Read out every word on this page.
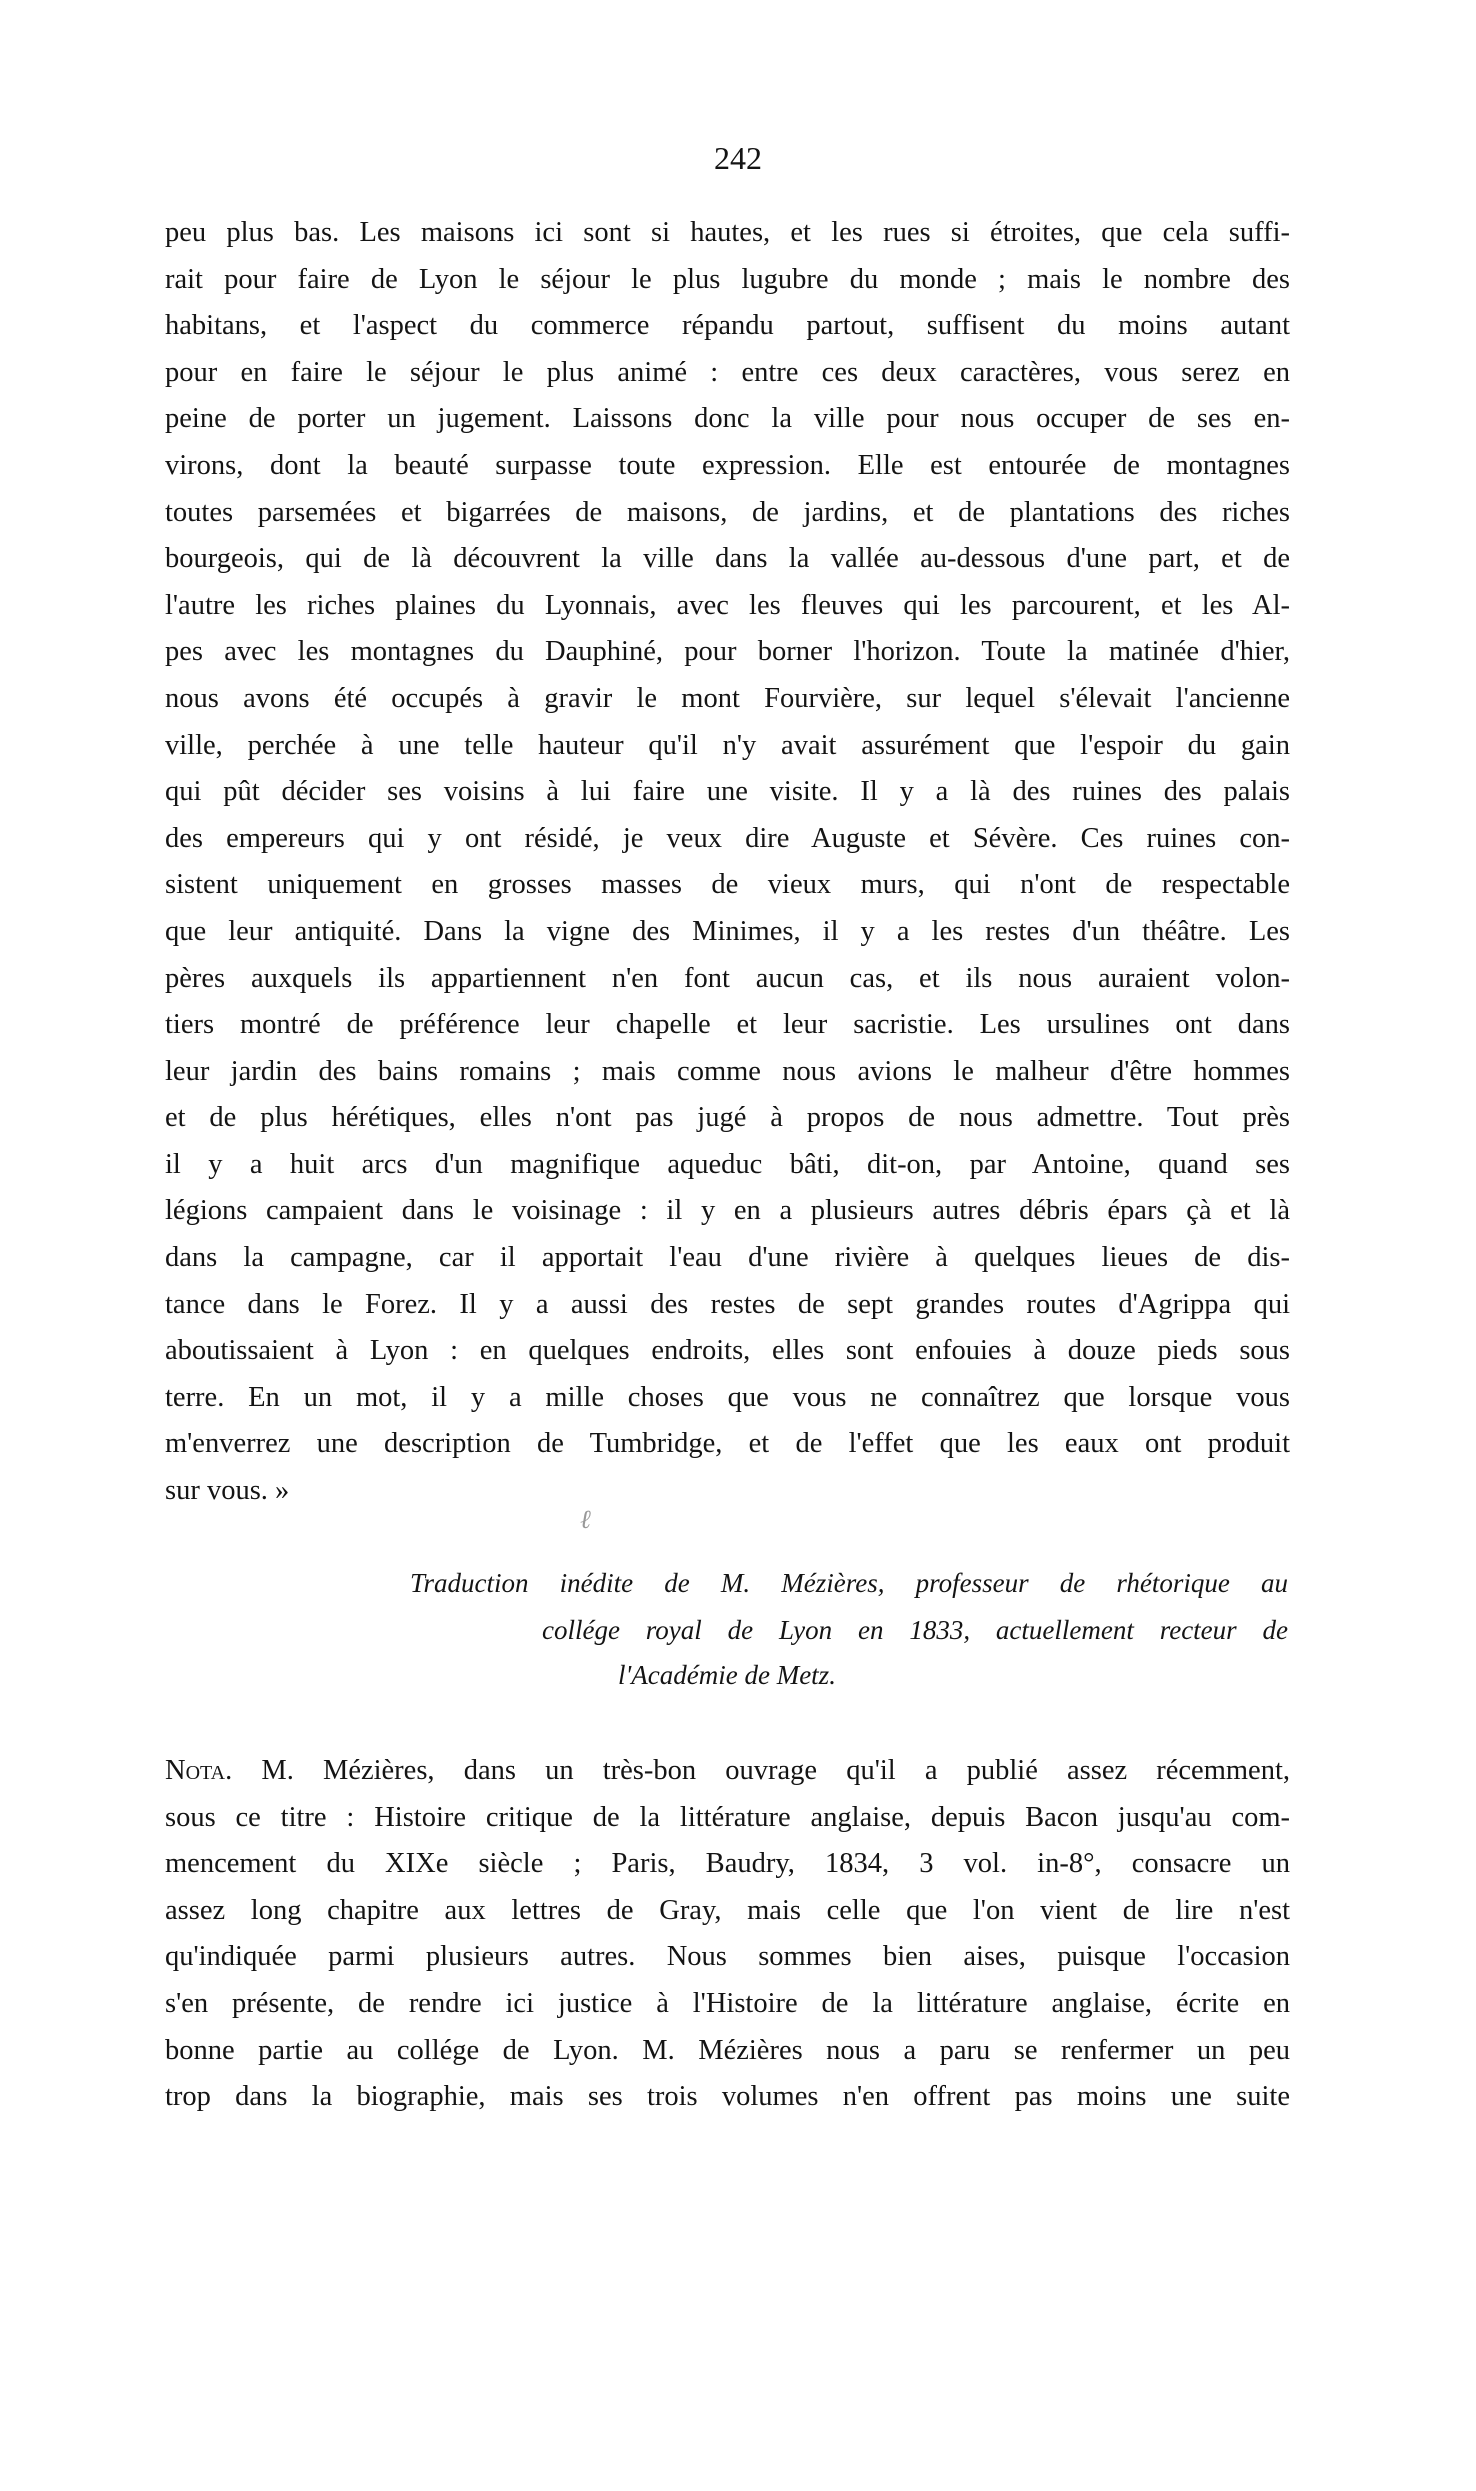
242
peu plus bas. Les maisons ici sont si hautes, et les rues si étroites, que cela suffi-
rait pour faire de Lyon le séjour le plus lugubre du monde ; mais le nombre des
habitans, et l'aspect du commerce répandu partout, suffisent du moins autant
pour en faire le séjour le plus animé : entre ces deux caractères, vous serez en
peine de porter un jugement. Laissons donc la ville pour nous occuper de ses en-
virons, dont la beauté surpasse toute expression. Elle est entourée de montagnes
toutes parsemées et bigarrées de maisons, de jardins, et de plantations des riches
bourgeois, qui de là découvrent la ville dans la vallée au-dessous d'une part, et de
l'autre les riches plaines du Lyonnais, avec les fleuves qui les parcourent, et les Al-
pes avec les montagnes du Dauphiné, pour borner l'horizon. Toute la matinée d'hier,
nous avons été occupés à gravir le mont Fourvière, sur lequel s'élevait l'ancienne
ville, perchée à une telle hauteur qu'il n'y avait assurément que l'espoir du gain
qui pût décider ses voisins à lui faire une visite. Il y a là des ruines des palais
des empereurs qui y ont résidé, je veux dire Auguste et Sévère. Ces ruines con-
sistent uniquement en grosses masses de vieux murs, qui n'ont de respectable
que leur antiquité. Dans la vigne des Minimes, il y a les restes d'un théâtre. Les
pères auxquels ils appartiennent n'en font aucun cas, et ils nous auraient volon-
tiers montré de préférence leur chapelle et leur sacristie. Les ursulines ont dans
leur jardin des bains romains ; mais comme nous avions le malheur d'être hommes
et de plus hérétiques, elles n'ont pas jugé à propos de nous admettre. Tout près
il y a huit arcs d'un magnifique aqueduc bâti, dit-on, par Antoine, quand ses
légions campaient dans le voisinage : il y en a plusieurs autres débris épars çà et là
dans la campagne, car il apportait l'eau d'une rivière à quelques lieues de dis-
tance dans le Forez. Il y a aussi des restes de sept grandes routes d'Agrippa qui
aboutissaient à Lyon : en quelques endroits, elles sont enfouies à douze pieds sous
terre. En un mot, il y a mille choses que vous ne connaîtrez que lorsque vous
m'enverrez une description de Tumbridge, et de l'effet que les eaux ont produit
sur vous. »
ℓ
Traduction inédite de M. Mézières, professeur de rhétorique au
collége royal de Lyon en 1833, actuellement recteur de
l'Académie de Metz.
Nota. M. Mézières, dans un très-bon ouvrage qu'il a publié assez récemment,
sous ce titre : Histoire critique de la littérature anglaise, depuis Bacon jusqu'au com-
mencement du XIXe siècle ; Paris, Baudry, 1834, 3 vol. in-8°, consacre un
assez long chapitre aux lettres de Gray, mais celle que l'on vient de lire n'est
qu'indiquée parmi plusieurs autres. Nous sommes bien aises, puisque l'occasion
s'en présente, de rendre ici justice à l'Histoire de la littérature anglaise, écrite en
bonne partie au collége de Lyon. M. Mézières nous a paru se renfermer un peu
trop dans la biographie, mais ses trois volumes n'en offrent pas moins une suite
